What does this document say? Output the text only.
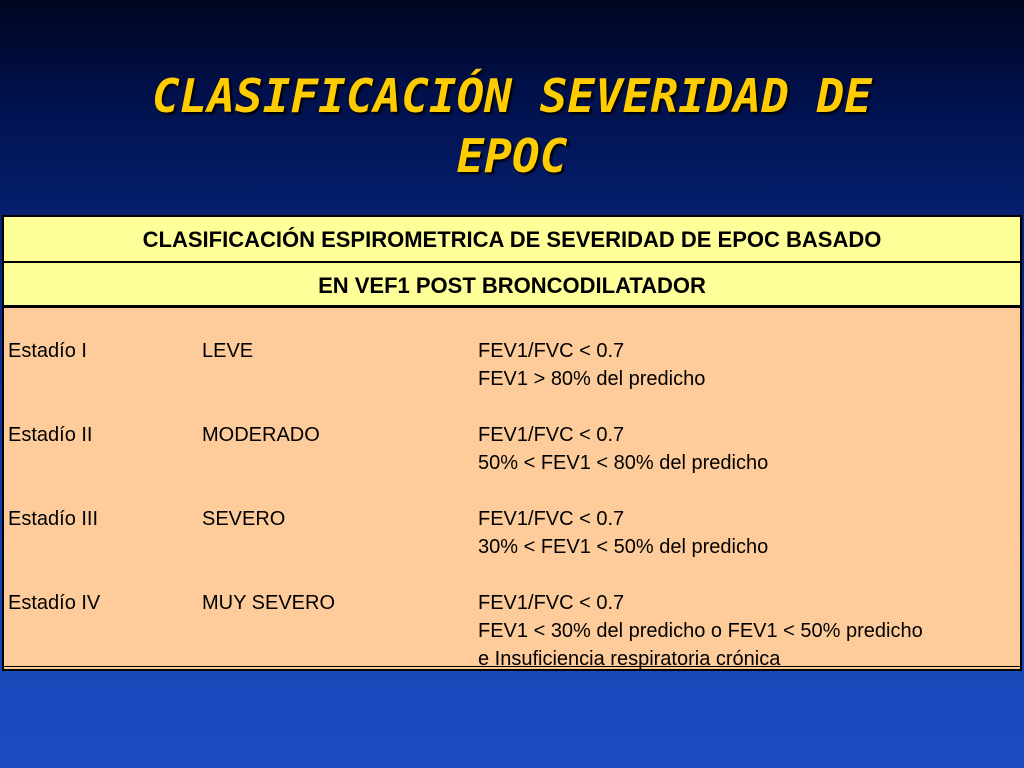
CLASIFICACIÓN SEVERIDAD DE
EPOC
CLASIFICACIÓN ESPIROMETRICA DE SEVERIDAD DE EPOC BASADO
EN VEF1 POST BRONCODILATADOR
Estadío I	LEVE	FEV1/FVC < 0.7
FEV1 > 80% del predicho
Estadío II	MODERADO	FEV1/FVC < 0.7
50% < FEV1 < 80% del predicho
Estadío III	SEVERO	FEV1/FVC < 0.7
30% < FEV1 < 50% del predicho
Estadío IV	MUY SEVERO	FEV1/FVC < 0.7
FEV1 < 30% del predicho o FEV1 < 50% predicho
e Insuficiencia respiratoria crónica
